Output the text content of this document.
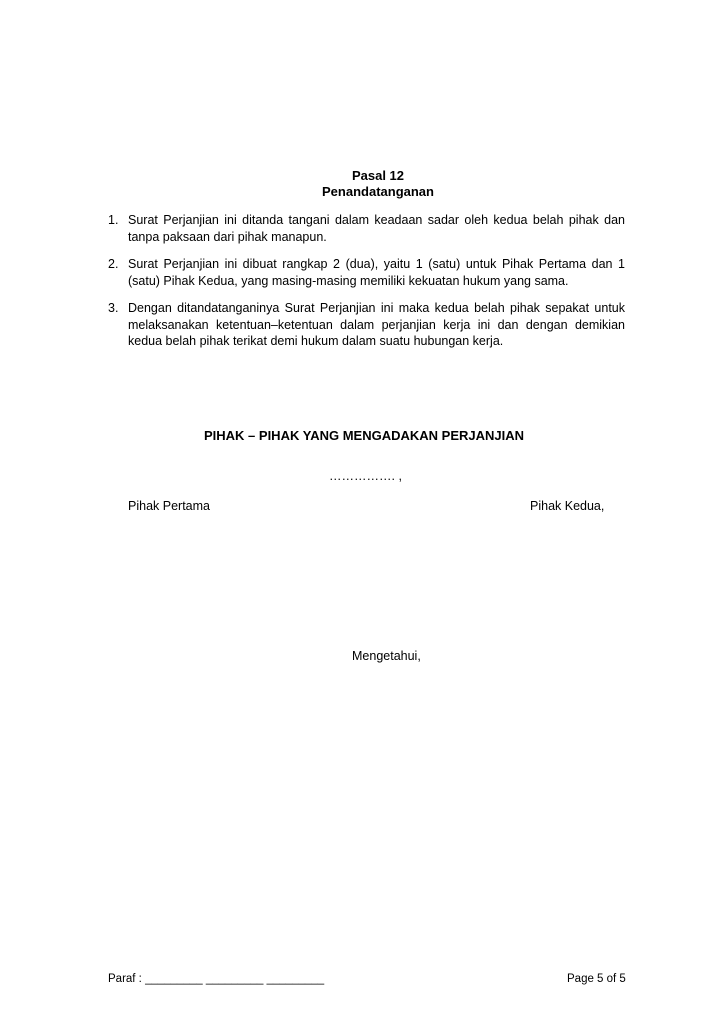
Pasal 12
Penandatanganan
1. Surat Perjanjian ini ditanda tangani dalam keadaan sadar oleh kedua belah pihak dan tanpa paksaan dari pihak manapun.
2. Surat Perjanjian ini dibuat rangkap 2 (dua), yaitu 1 (satu) untuk Pihak Pertama dan 1 (satu) Pihak Kedua, yang masing-masing memiliki kekuatan hukum yang sama.
3. Dengan ditandatanganinya Surat Perjanjian ini maka kedua belah pihak sepakat untuk melaksanakan ketentuan–ketentuan dalam perjanjian kerja ini dan dengan demikian kedua belah pihak terikat demi hukum dalam suatu hubungan kerja.
PIHAK – PIHAK YANG MENGADAKAN PERJANJIAN
……………. ,
Pihak Pertama	Pihak Kedua,
Mengetahui,
Paraf : _________ _________ _________	Page 5 of 5
